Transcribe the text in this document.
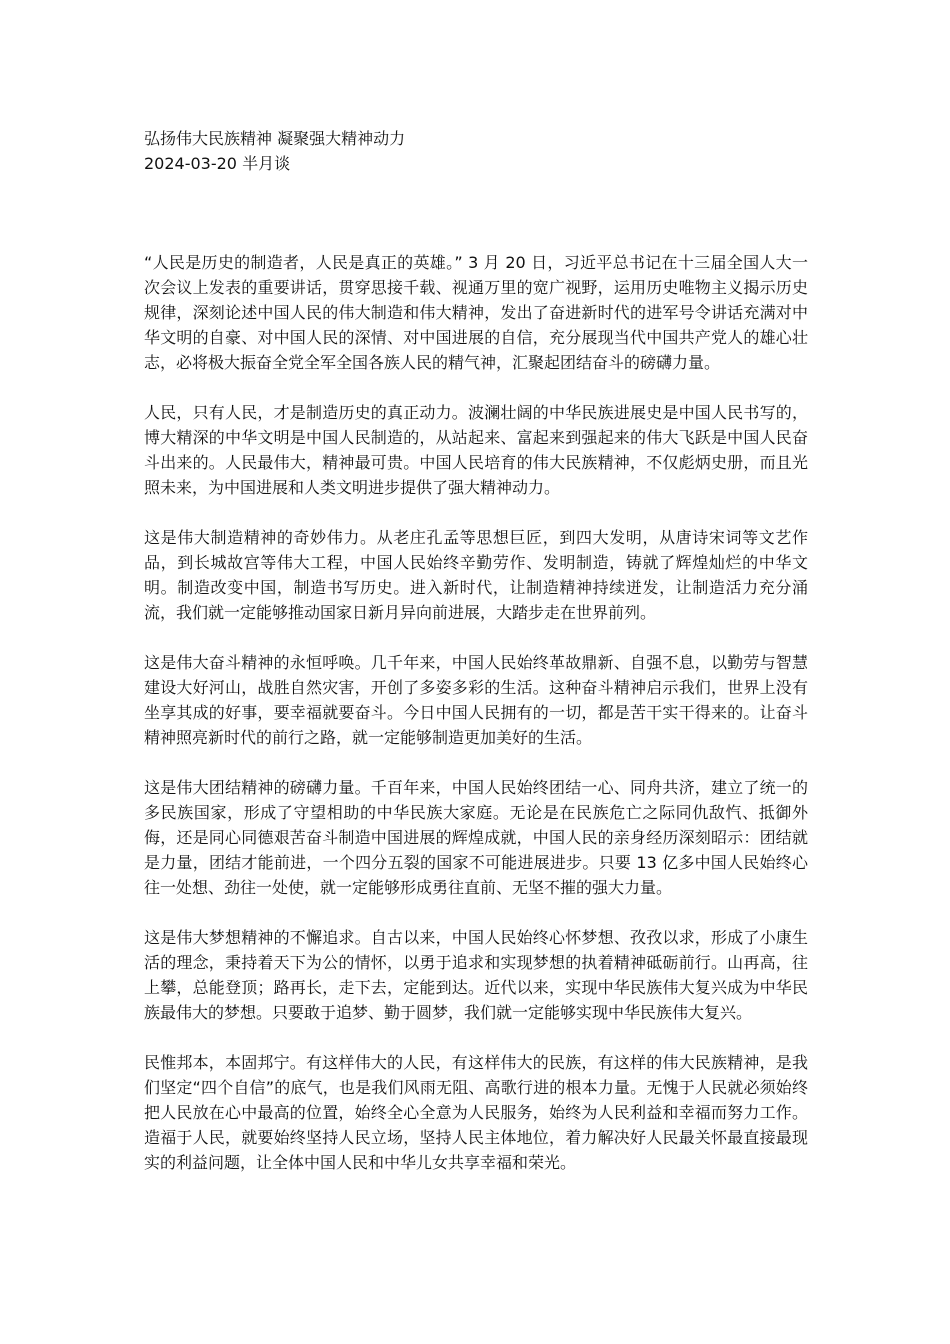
弘扬伟大民族精神 凝聚强大精神动力
2024-03-20 半月谈

“人民是历史的制造者，人民是真正的英雄。” 3 月 20 日，习近平总书记在十三届全国人大一次会议上发表的重要讲话，贯穿思接千载、视通万里的宽广视野，运用历史唯物主义揭示历史规律，深刻论述中国人民的伟大制造和伟大精神，发出了奋进新时代的进军号令讲话充满对中华文明的自豪、对中国人民的深情、对中国进展的自信，充分展现当代中国共产党人的雄心壮志，必将极大振奋全党全军全国各族人民的精气神，汇聚起团结奋斗的磅礴力量。

人民，只有人民，才是制造历史的真正动力。波澜壮阔的中华民族进展史是中国人民书写的，博大精深的中华文明是中国人民制造的，从站起来、富起来到强起来的伟大飞跃是中国人民奋斗出来的。人民最伟大，精神最可贵。中国人民培育的伟大民族精神，不仅彪炳史册，而且光照未来，为中国进展和人类文明进步提供了强大精神动力。

这是伟大制造精神的奇妙伟力。从老庄孔孟等思想巨匠，到四大发明，从唐诗宋词等文艺作品，到长城故宫等伟大工程，中国人民始终辛勤劳作、发明制造，铸就了辉煌灿烂的中华文明。制造改变中国，制造书写历史。进入新时代，让制造精神持续迸发，让制造活力充分涌流，我们就一定能够推动国家日新月异向前进展，大踏步走在世界前列。

这是伟大奋斗精神的永恒呼唤。几千年来，中国人民始终革故鼎新、自强不息，以勤劳与智慧建设大好河山，战胜自然灾害，开创了多姿多彩的生活。这种奋斗精神启示我们，世界上没有坐享其成的好事，要幸福就要奋斗。今日中国人民拥有的一切，都是苦干实干得来的。让奋斗精神照亮新时代的前行之路，就一定能够制造更加美好的生活。

这是伟大团结精神的磅礴力量。千百年来，中国人民始终团结一心、同舟共济，建立了统一的多民族国家，形成了守望相助的中华民族大家庭。无论是在民族危亡之际同仇敌忾、抵御外侮，还是同心同德艰苦奋斗制造中国进展的辉煌成就，中国人民的亲身经历深刻昭示：团结就是力量，团结才能前进，一个四分五裂的国家不可能进展进步。只要 13 亿多中国人民始终心往一处想、劲往一处使，就一定能够形成勇往直前、无坚不摧的强大力量。

这是伟大梦想精神的不懈追求。自古以来，中国人民始终心怀梦想、孜孜以求，形成了小康生活的理念，秉持着天下为公的情怀，以勇于追求和实现梦想的执着精神砥砺前行。山再高，往上攀，总能登顶；路再长，走下去，定能到达。近代以来，实现中华民族伟大复兴成为中华民族最伟大的梦想。只要敢于追梦、勤于圆梦，我们就一定能够实现中华民族伟大复兴。

民惟邦本，本固邦宁。有这样伟大的人民，有这样伟大的民族，有这样的伟大民族精神，是我们坚定“四个自信”的底气，也是我们风雨无阻、高歌行进的根本力量。无愧于人民就必须始终把人民放在心中最高的位置，始终全心全意为人民服务，始终为人民利益和幸福而努力工作。造福于人民，就要始终坚持人民立场，坚持人民主体地位，着力解决好人民最关怀最直接最现实的利益问题，让全体中国人民和中华儿女共享幸福和荣光。
